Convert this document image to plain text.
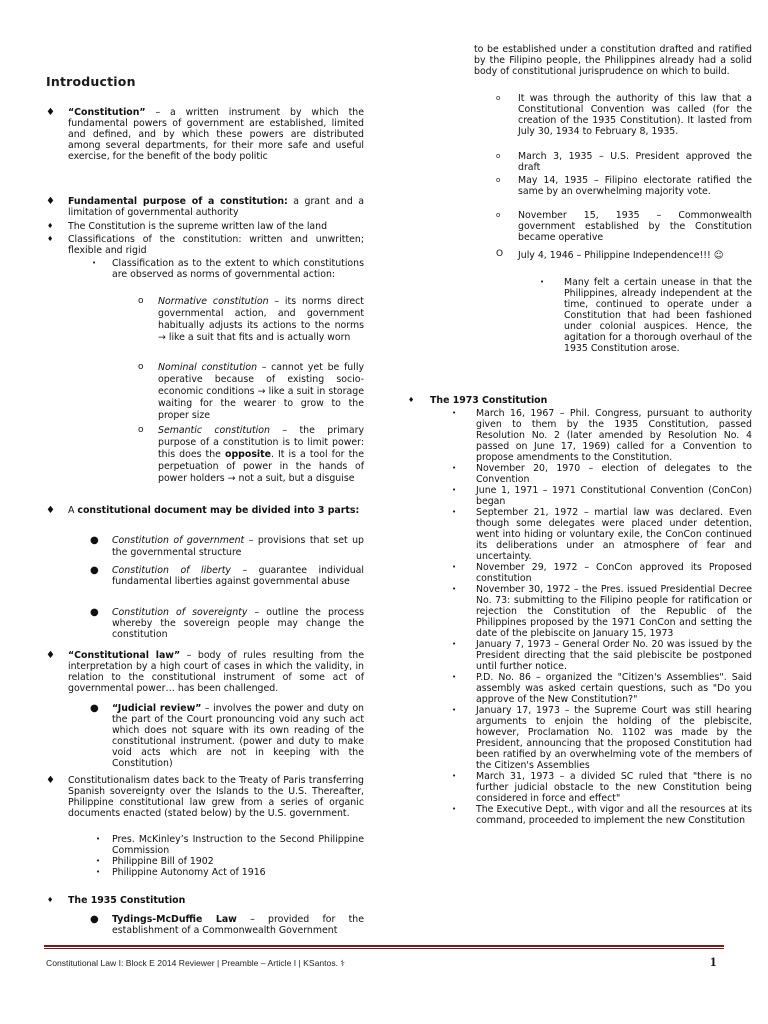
Introduction
♦ “Constitution” – a written instrument by which the fundamental powers of government are established, limited and defined, and by which these powers are distributed among several departments, for their more safe and useful exercise, for the benefit of the body politic

♦ Fundamental purpose of a constitution: a grant and a limitation of governmental authority

♦ The Constitution is the supreme written law of the land

♦ Classifications of the constitution: written and unwritten; flexible and rigid

• Classification as to the extent to which constitutions are observed as norms of governmental action:

o Normative constitution – its norms direct governmental action, and government habitually adjusts its actions to the norms → like a suit that fits and is actually worn

o Nominal constitution – cannot yet be fully operative because of existing socio-economic conditions → like a suit in storage waiting for the wearer to grow to the proper size

o Semantic constitution – the primary purpose of a constitution is to limit power: this does the opposite. It is a tool for the perpetuation of power in the hands of power holders → not a suit, but a disguise

♦ A constitutional document may be divided into 3 parts:

● Constitution of government – provisions that set up the governmental structure

● Constitution of liberty – guarantee individual fundamental liberties against governmental abuse

● Constitution of sovereignty – outline the process whereby the sovereign people may change the constitution

♦ “Constitutional law” – body of rules resulting from the interpretation by a high court of cases in which the validity, in relation to the constitutional instrument of some act of governmental power… has been challenged.

● “Judicial review” – involves the power and duty on the part of the Court pronouncing void any such act which does not square with its own reading of the constitutional instrument. (power and duty to make void acts which are not in keeping with the Constitution)

♦ Constitutionalism dates back to the Treaty of Paris transferring Spanish sovereignty over the Islands to the U.S. Thereafter, Philippine constitutional law grew from a series of organic documents enacted (stated below) by the U.S. government.

• Pres. McKinley’s Instruction to the Second Philippine Commission

• Philippine Bill of 1902

• Philippine Autonomy Act of 1916

♦ The 1935 Constitution

● Tydings-McDuffie Law – provided for the establishment of a Commonwealth Government

to be established under a constitution drafted and ratified by the Filipino people, the Philippines already had a solid body of constitutional jurisprudence on which to build.

o It was through the authority of this law that a Constitutional Convention was called (for the creation of the 1935 Constitution). It lasted from July 30, 1934 to February 8, 1935.

o March 3, 1935 – U.S. President approved the draft

o May 14, 1935 – Filipino electorate ratified the same by an overwhelming majority vote.

o November 15, 1935 – Commonwealth government established by the Constitution became operative

O July 4, 1946 – Philippine Independence!!! ☺

• Many felt a certain unease in that the Philippines, already independent at the time, continued to operate under a Constitution that had been fashioned under colonial auspices. Hence, the agitation for a thorough overhaul of the 1935 Constitution arose.

♦ The 1973 Constitution

• March 16, 1967 – Phil. Congress, pursuant to authority given to them by the 1935 Constitution, passed Resolution No. 2 (later amended by Resolution No. 4 passed on June 17, 1969) called for a Convention to propose amendments to the Constitution.

• November 20, 1970 – election of delegates to the Convention

• June 1, 1971 – 1971 Constitutional Convention (ConCon) began

• September 21, 1972 – martial law was declared. Even though some delegates were placed under detention, went into hiding or voluntary exile, the ConCon continued its deliberations under an atmosphere of fear and uncertainty.

• November 29, 1972 – ConCon approved its Proposed constitution

• November 30, 1972 – the Pres. issued Presidential Decree No. 73: submitting to the Filipino people for ratification or rejection the Constitution of the Republic of the Philippines proposed by the 1971 ConCon and setting the date of the plebiscite on January 15, 1973

• January 7, 1973 – General Order No. 20 was issued by the President directing that the said plebiscite be postponed until further notice.

• P.D. No. 86 – organized the "Citizen's Assemblies". Said assembly was asked certain questions, such as "Do you approve of the New Constitution?"

• January 17, 1973 – the Supreme Court was still hearing arguments to enjoin the holding of the plebiscite, however, Proclamation No. 1102 was made by the President, announcing that the proposed Constitution had been ratified by an overwhelming vote of the members of the Citizen's Assemblies

• March 31, 1973 – a divided SC ruled that "there is no further judicial obstacle to the new Constitution being considered in force and effect"

• The Executive Dept., with vigor and all the resources at its command, proceeded to implement the new Constitution

Constitutional Law I: Block E 2014 Reviewer | Preamble – Article I | KSantos. ⚕	1
